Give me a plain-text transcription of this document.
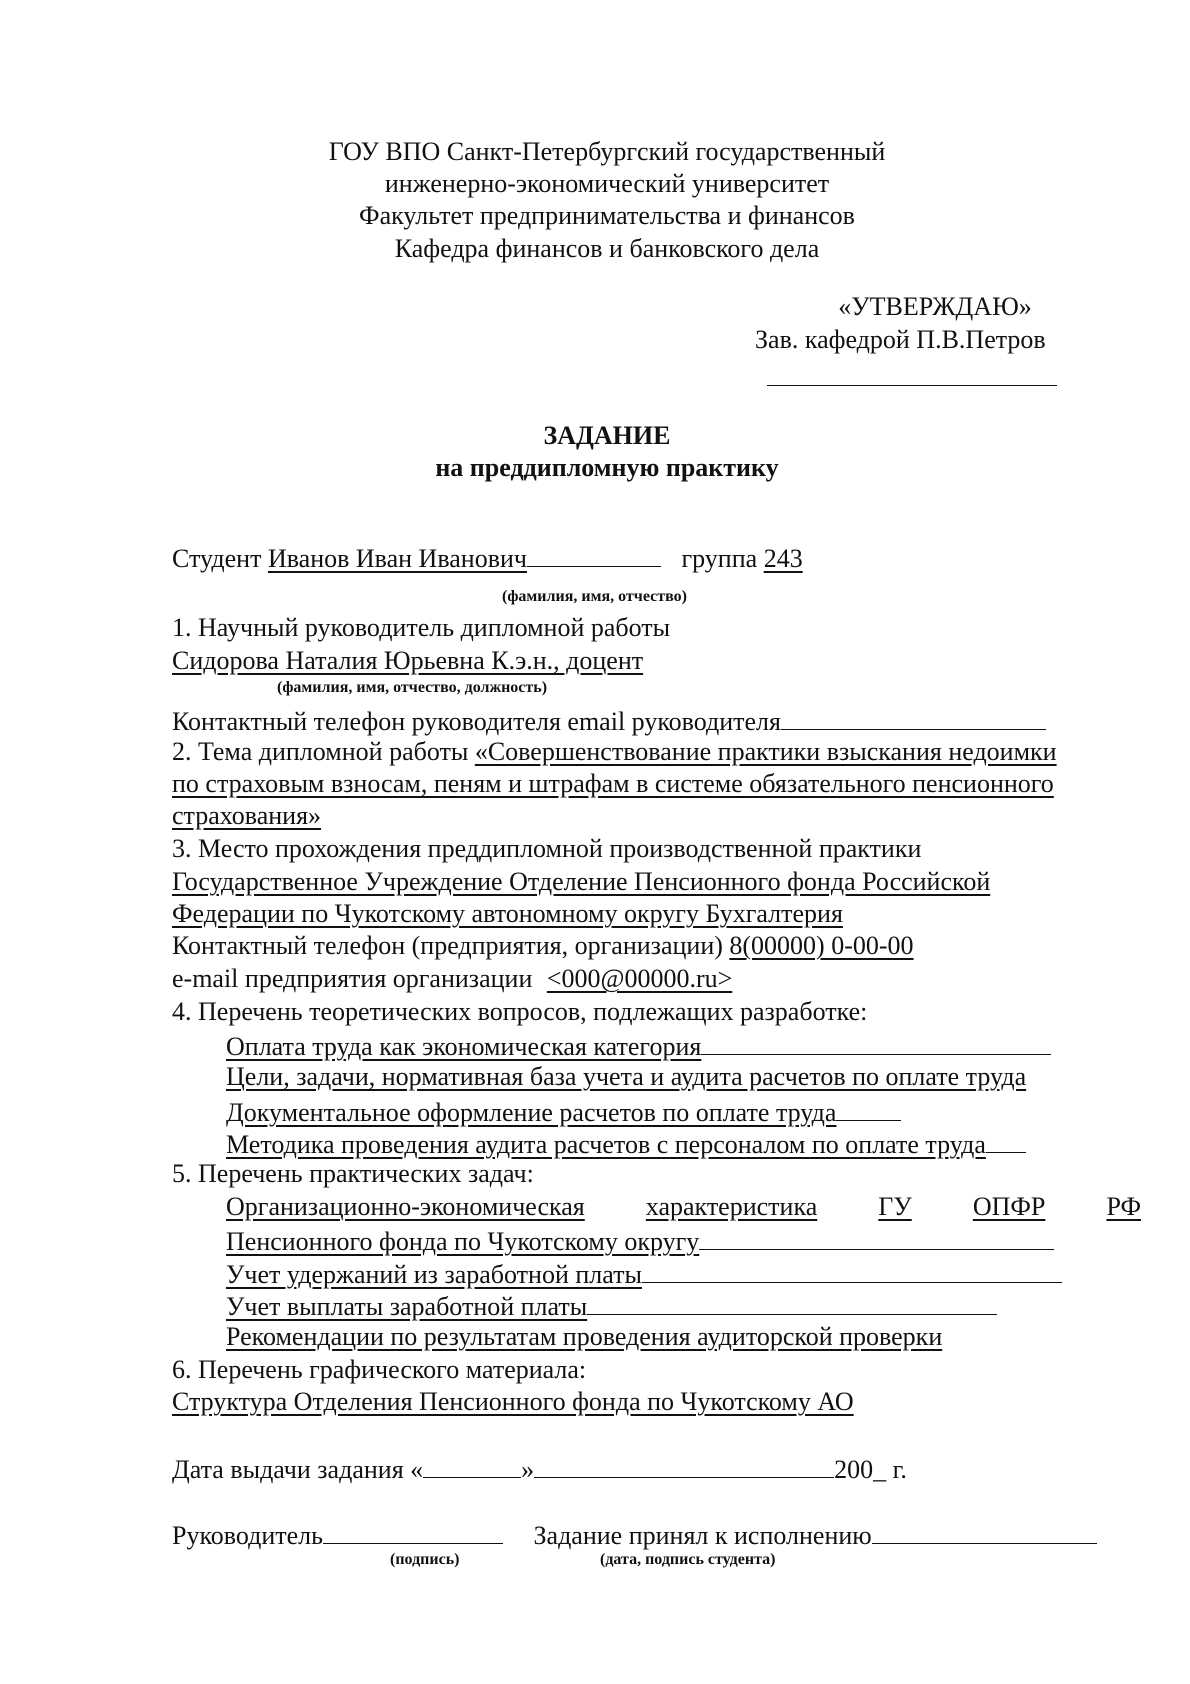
ГОУ ВПО Санкт-Петербургский государственный
инженерно-экономический университет
Факультет предпринимательства и финансов
Кафедра финансов и банковского дела
«УТВЕРЖДАЮ»
Зав. кафедрой П.В.Петров
ЗАДАНИЕ
на преддипломную практику
Студент Иванов Иван Иванович	группа 243
(фамилия, имя, отчество)
1. Научный руководитель дипломной работы
Сидорова Наталия Юрьевна К.э.н., доцент
(фамилия, имя, отчество, должность)
Контактный телефон руководителя email руководителя
2. Тема дипломной работы «Совершенствование практики взыскания недоимки
по страховым взносам, пеням и штрафам в системе обязательного пенсионного
страхования»
3. Место прохождения преддипломной производственной практики
Государственное Учреждение Отделение Пенсионного фонда Российской
Федерации по Чукотскому автономному округу Бухгалтерия
Контактный телефон (предприятия, организации) 8(00000) 0-00-00
e-mail предприятия организации <000@00000.ru>
4. Перечень теоретических вопросов, подлежащих разработке:
Оплата труда как экономическая категория
Цели, задачи, нормативная база учета и аудита расчетов по оплате труда
Документальное оформление расчетов по оплате труда
Методика проведения аудита расчетов с персоналом по оплате труда
5. Перечень практических задач:
Организационно-экономическая характеристика ГУ ОПФР РФ
Пенсионного фонда по Чукотскому округу
Учет удержаний из заработной платы
Учет выплаты заработной платы
Рекомендации по результатам проведения аудиторской проверки
6. Перечень графического материала:
Структура Отделения Пенсионного фонда по Чукотскому АО
Дата выдачи задания «	»	200_ г.
Руководитель	Задание принял к исполнению
(подпись)	(дата, подпись студента)
